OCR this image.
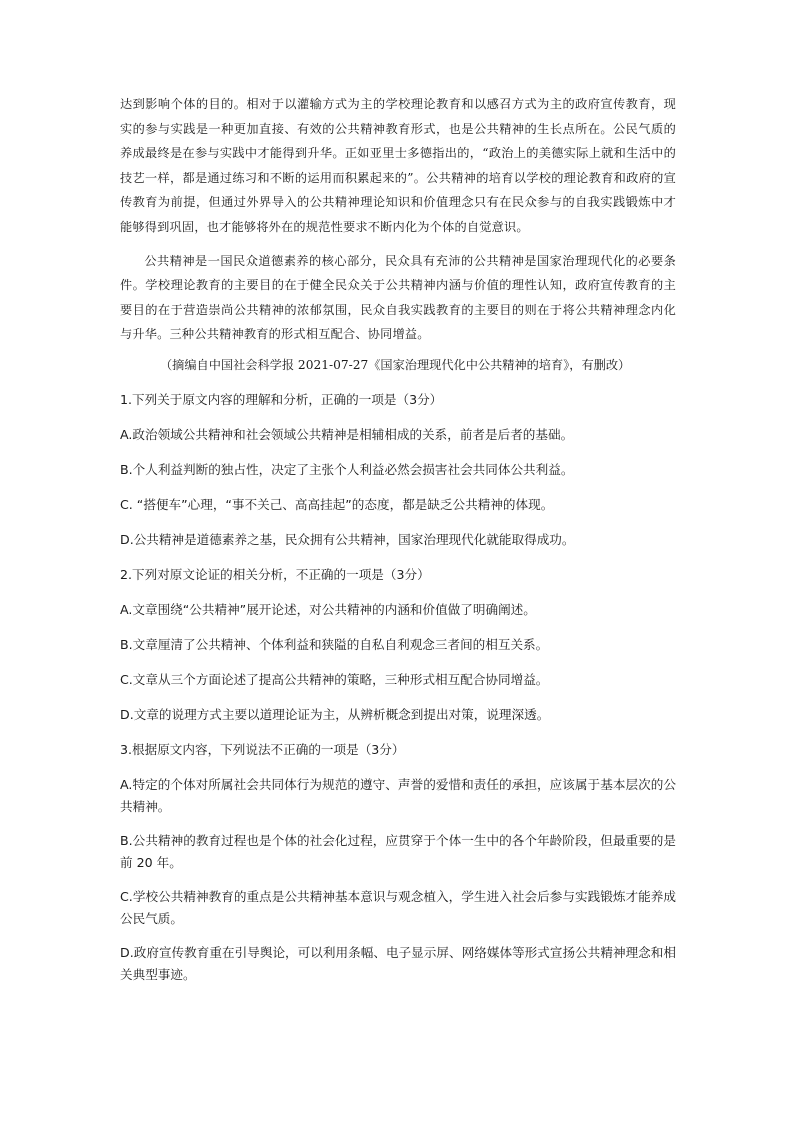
达到影响个体的目的。相对于以灌输方式为主的学校理论教育和以感召方式为主的政府宣传教育，现实的参与实践是一种更加直接、有效的公共精神教育形式，也是公共精神的生长点所在。公民气质的养成最终是在参与实践中才能得到升华。正如亚里士多德指出的，“政治上的美德实际上就和生活中的技艺一样，都是通过练习和不断的运用而积累起来的”。公共精神的培育以学校的理论教育和政府的宣传教育为前提，但通过外界导入的公共精神理论知识和价值理念只有在民众参与的自我实践锻炼中才能够得到巩固，也才能够将外在的规范性要求不断内化为个体的自觉意识。

公共精神是一国民众道德素养的核心部分，民众具有充沛的公共精神是国家治理现代化的必要条件。学校理论教育的主要目的在于健全民众关于公共精神内涵与价值的理性认知，政府宣传教育的主要目的在于营造崇尚公共精神的浓郁氛围，民众自我实践教育的主要目的则在于将公共精神理念内化与升华。三种公共精神教育的形式相互配合、协同增益。

（摘编自中国社会科学报 2021-07-27《国家治理现代化中公共精神的培育》，有删改）

1.下列关于原文内容的理解和分析，正确的一项是（3分）

A.政治领域公共精神和社会领域公共精神是相辅相成的关系，前者是后者的基础。

B.个人利益判断的独占性，决定了主张个人利益必然会损害社会共同体公共利益。

C. “搭便车”心理，“事不关己、高高挂起”的态度，都是缺乏公共精神的体现。

D.公共精神是道德素养之基，民众拥有公共精神，国家治理现代化就能取得成功。

2.下列对原文论证的相关分析，不正确的一项是（3分）

A.文章围绕“公共精神”展开论述，对公共精神的内涵和价值做了明确阐述。

B.文章厘清了公共精神、个体利益和狭隘的自私自利观念三者间的相互关系。

C.文章从三个方面论述了提高公共精神的策略，三种形式相互配合协同增益。

D.文章的说理方式主要以道理论证为主，从辨析概念到提出对策，说理深透。

3.根据原文内容，下列说法不正确的一项是（3分）

A.特定的个体对所属社会共同体行为规范的遵守、声誉的爱惜和责任的承担，应该属于基本层次的公共精神。

B.公共精神的教育过程也是个体的社会化过程，应贯穿于个体一生中的各个年龄阶段，但最重要的是前 20 年。

C.学校公共精神教育的重点是公共精神基本意识与观念植入，学生进入社会后参与实践锻炼才能养成公民气质。

D.政府宣传教育重在引导舆论，可以利用条幅、电子显示屏、网络媒体等形式宣扬公共精神理念和相关典型事迹。
